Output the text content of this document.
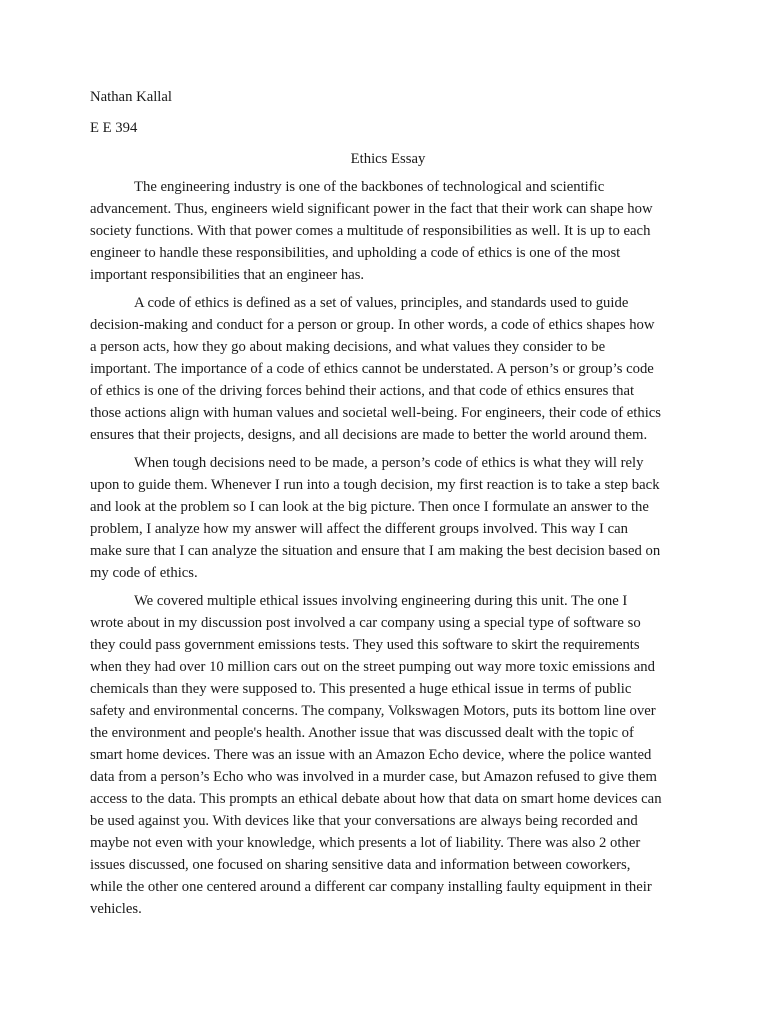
Nathan Kallal
E E 394
Ethics Essay
The engineering industry is one of the backbones of technological and scientific
advancement. Thus, engineers wield significant power in the fact that their work can shape how
society functions. With that power comes a multitude of responsibilities as well. It is up to each
engineer to handle these responsibilities, and upholding a code of ethics is one of the most
important responsibilities that an engineer has.
A code of ethics is defined as a set of values, principles, and standards used to guide
decision-making and conduct for a person or group. In other words, a code of ethics shapes how
a person acts, how they go about making decisions, and what values they consider to be
important. The importance of a code of ethics cannot be understated. A person’s or group’s code
of ethics is one of the driving forces behind their actions, and that code of ethics ensures that
those actions align with human values and societal well-being. For engineers, their code of ethics
ensures that their projects, designs, and all decisions are made to better the world around them.
When tough decisions need to be made, a person’s code of ethics is what they will rely
upon to guide them. Whenever I run into a tough decision, my first reaction is to take a step back
and look at the problem so I can look at the big picture. Then once I formulate an answer to the
problem, I analyze how my answer will affect the different groups involved. This way I can
make sure that I can analyze the situation and ensure that I am making the best decision based on
my code of ethics.
We covered multiple ethical issues involving engineering during this unit. The one I
wrote about in my discussion post involved a car company using a special type of software so
they could pass government emissions tests. They used this software to skirt the requirements
when they had over 10 million cars out on the street pumping out way more toxic emissions and
chemicals than they were supposed to. This presented a huge ethical issue in terms of public
safety and environmental concerns. The company, Volkswagen Motors, puts its bottom line over
the environment and people's health. Another issue that was discussed dealt with the topic of
smart home devices. There was an issue with an Amazon Echo device, where the police wanted
data from a person’s Echo who was involved in a murder case, but Amazon refused to give them
access to the data. This prompts an ethical debate about how that data on smart home devices can
be used against you. With devices like that your conversations are always being recorded and
maybe not even with your knowledge, which presents a lot of liability. There was also 2 other
issues discussed, one focused on sharing sensitive data and information between coworkers,
while the other one centered around a different car company installing faulty equipment in their
vehicles.
